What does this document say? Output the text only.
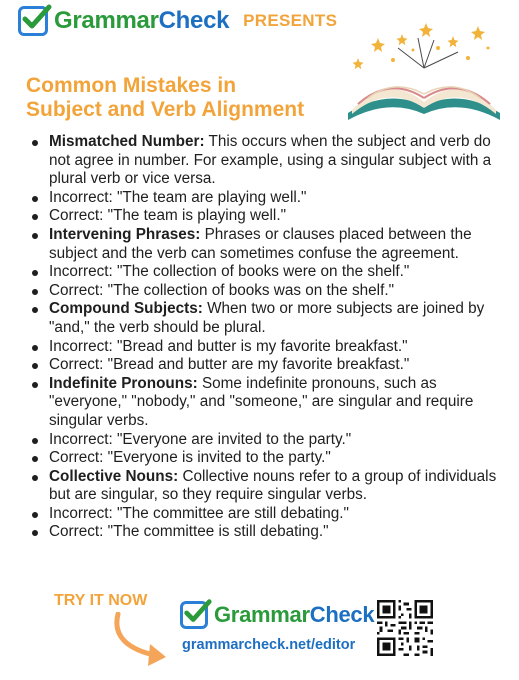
GrammarCheck PRESENTS
Common Mistakes in
Subject and Verb Alignment
Mismatched Number: This occurs when the subject and verb do not agree in number. For example, using a singular subject with a plural verb or vice versa.
Incorrect: "The team are playing well."
Correct: "The team is playing well."
Intervening Phrases: Phrases or clauses placed between the subject and the verb can sometimes confuse the agreement.
Incorrect: "The collection of books were on the shelf."
Correct: "The collection of books was on the shelf."
Compound Subjects: When two or more subjects are joined by "and," the verb should be plural.
Incorrect: "Bread and butter is my favorite breakfast."
Correct: "Bread and butter are my favorite breakfast."
Indefinite Pronouns: Some indefinite pronouns, such as "everyone," "nobody," and "someone," are singular and require singular verbs.
Incorrect: "Everyone are invited to the party."
Correct: "Everyone is invited to the party."
Collective Nouns: Collective nouns refer to a group of individuals but are singular, so they require singular verbs.
Incorrect: "The committee are still debating."
Correct: "The committee is still debating."
TRY IT NOW
GrammarCheck
grammarcheck.net/editor
